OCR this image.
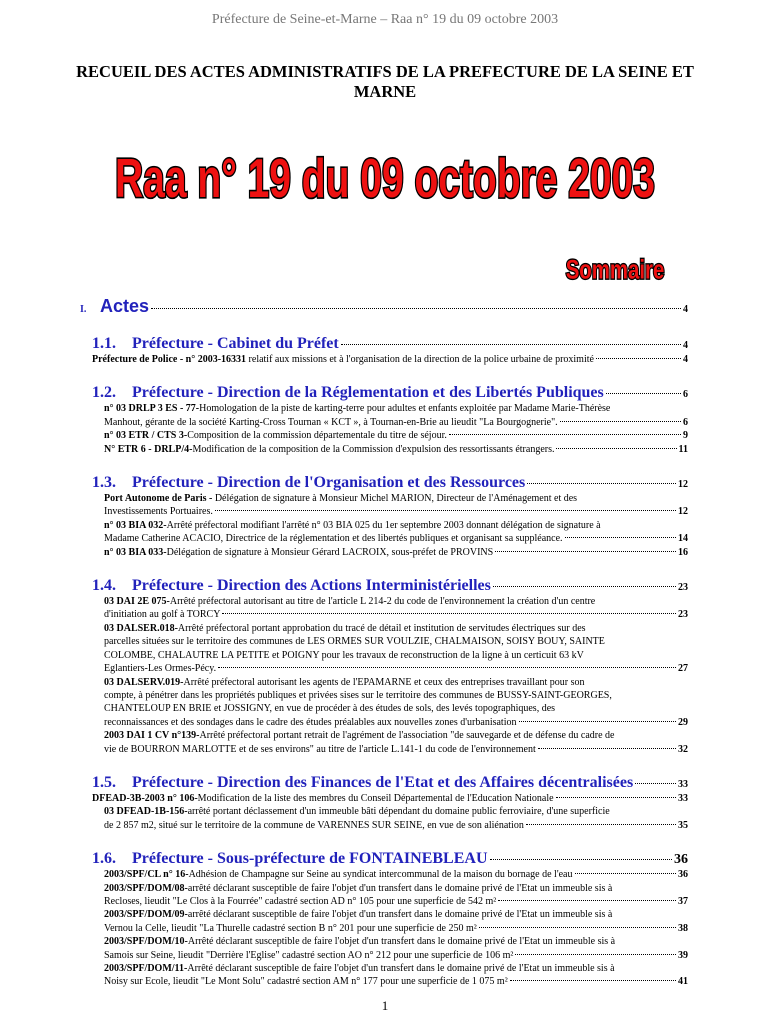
Préfecture de Seine-et-Marne – Raa n° 19 du 09 octobre 2003
RECUEIL DES ACTES ADMINISTRATIFS DE LA PREFECTURE DE LA SEINE ET MARNE
Raa n° 19 du 09 octobre 2003
Sommaire
I. Actes	4
1.1. Préfecture - Cabinet du Préfet	4
Préfecture de Police - n° 2003-16331 relatif aux missions et à l'organisation de la direction de la police urbaine de proximité	4
1.2. Préfecture - Direction de la Réglementation et des Libertés Publiques	6
n° 03 DRLP 3 ES - 77-Homologation de la piste de karting-terre pour adultes et enfants exploitée par Madame Marie-Thérèse
Manhout, gérante de la société Karting-Cross Tournan « KCT », à Tournan-en-Brie au lieudit "La Bourgognerie".	6
n° 03 ETR / CTS 3-Composition de la commission départementale du titre de séjour.	9
N° ETR 6 - DRLP/4-Modification de la composition de la Commission d'expulsion des ressortissants étrangers.	11
1.3. Préfecture - Direction de l'Organisation et des Ressources	12
Port Autonome de Paris - Délégation de signature à Monsieur Michel MARION, Directeur de l'Aménagement et des
Investissements Portuaires.	12
n° 03 BIA 032-Arrêté préfectoral modifiant l'arrêté n° 03 BIA 025 du 1er septembre 2003 donnant délégation de signature à
Madame Catherine ACACIO, Directrice de la réglementation et des libertés publiques et organisant sa suppléance.	14
n° 03 BIA 033-Délégation de signature à Monsieur Gérard LACROIX, sous-préfet de PROVINS	16
1.4. Préfecture - Direction des Actions Interministérielles	23
03 DAI 2E 075-Arrêté préfectoral autorisant au titre de l'article L 214-2 du code de l'environnement la création d'un centre
d'initiation au golf à TORCY	23
03 DALSER.018-Arrêté préfectoral portant approbation du tracé de détail et institution de servitudes électriques sur des
parcelles situées sur le territoire des communes de LES ORMES SUR VOULZIE, CHALMAISON, SOISY BOUY, SAINTE
COLOMBE, CHALAUTRE LA PETITE et POIGNY pour les travaux de reconstruction de la ligne à un certicuit 63 kV
Eglantiers-Les Ormes-Pécy.	27
03 DALSERV.019-Arrêté préfectoral autorisant les agents de l'EPAMARNE et ceux des entreprises travaillant pour son
compte, à pénétrer dans les propriétés publiques et privées sises sur le territoire des communes de BUSSY-SAINT-GEORGES,
CHANTELOUP EN BRIE et JOSSIGNY, en vue de procéder à des études de sols, des levés topographiques, des
reconnaissances et des sondages dans le cadre des études préalables aux nouvelles zones d'urbanisation	29
2003 DAI 1 CV n°139-Arrêté préfectoral portant retrait de l'agrément de l'association "de sauvegarde et de défense du cadre de
vie de BOURRON MARLOTTE et de ses environs" au titre de l'article L.141-1 du code de l'environnement	32
1.5. Préfecture - Direction des Finances de l'Etat et des Affaires décentralisées	33
DFEAD-3B-2003 n° 106-Modification de la liste des membres du Conseil Départemental de l'Education Nationale	33
03 DFEAD-1B-156-arrêté portant déclassement d'un immeuble bâti dépendant du domaine public ferroviaire, d'une superficie
de 2 857 m2, situé sur le territoire de la commune de VARENNES SUR SEINE, en vue de son aliénation	35
1.6. Préfecture - Sous-préfecture de FONTAINEBLEAU	36
2003/SPF/CL n° 16-Adhésion de Champagne sur Seine au syndicat intercommunal de la maison du bornage de l'eau	36
2003/SPF/DOM/08-arrêté déclarant susceptible de faire l'objet d'un transfert dans le domaine privé de l'Etat un immeuble sis à
Recloses, lieudit "Le Clos à la Fourrée" cadastré section AD n° 105 pour une superficie de 542 m²	37
2003/SPF/DOM/09-arrêté déclarant susceptible de faire l'objet d'un transfert dans le domaine privé de l'Etat un immeuble sis à
Vernou la Celle, lieudit "La Thurelle cadastré section B n° 201 pour une superficie de 250 m²	38
2003/SPF/DOM/10-Arrêté déclarant susceptible de faire l'objet d'un transfert dans le domaine privé de l'Etat un immeuble sis à
Samois sur Seine, lieudit "Derrière l'Eglise" cadastré section AO n° 212 pour une superficie de 106 m²	39
2003/SPF/DOM/11-Arrêté déclarant susceptible de faire l'objet d'un transfert dans le domaine privé de l'Etat un immeuble sis à
Noisy sur Ecole, lieudit "Le Mont Solu" cadastré section AM n° 177 pour une superficie de 1 075 m²	41
1
